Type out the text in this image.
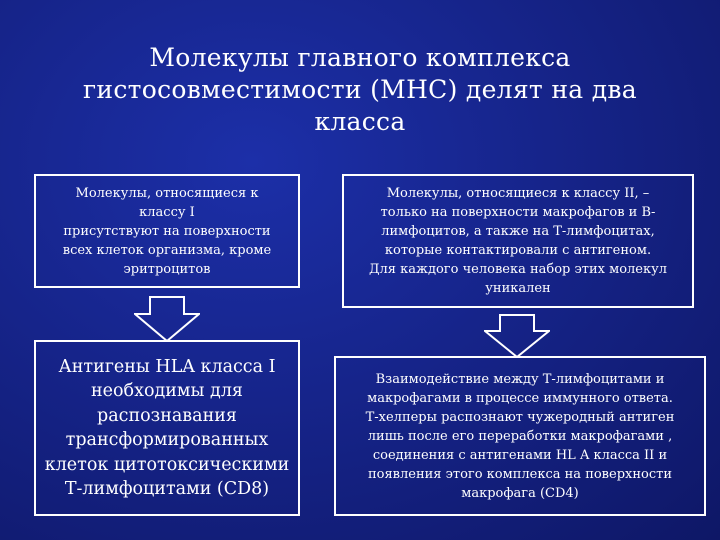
Молекулы главного комплекса
гистосовместимости (MHC) делят на два
класса
Молекулы, относящиеся к
классу I
присутствуют на поверхности
всех клеток организма, кроме
эритроцитов
Молекулы, относящиеся к классу II, –
только на поверхности макрофагов и В-
лимфоцитов, а также на Т-лимфоцитах,
которые контактировали с антигеном.
Для каждого человека набор этих молекул
уникален
Антигены HLA класса I
необходимы для
распознавания
трансформированных
клеток цитотоксическими
Т-лимфоцитами (CD8)
Взаимодействие между Т-лимфоцитами и
макрофагами в процессе иммунного ответа.
Т-хелперы распознают чужеродный антиген
лишь после его переработки макрофагами ,
соединения с антигенами HL A класса II и
появления этого комплекса на поверхности
макрофага (CD4)
